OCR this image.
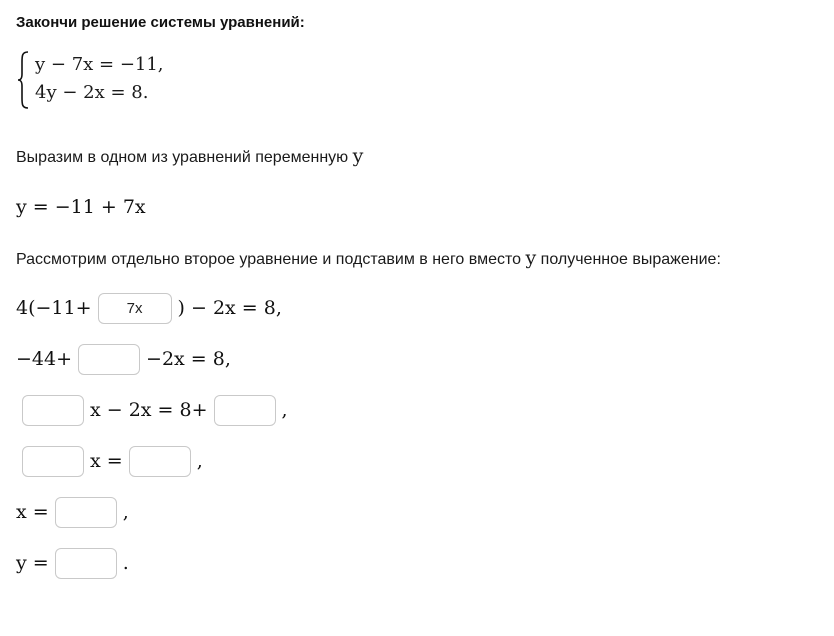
Закончи решение системы уравнений:
y − 7x = −11,
4y − 2x = 8.
Выразим в одном из уравнений переменную y
y = −11 + 7x
Рассмотрим отдельно второе уравнение и подставим в него вместо y полученное выражение:
4(−11+	7x	) − 2x = 8,
−44+	−2x = 8,
x − 2x = 8+	,
x =	,
x =	,
y =	.
